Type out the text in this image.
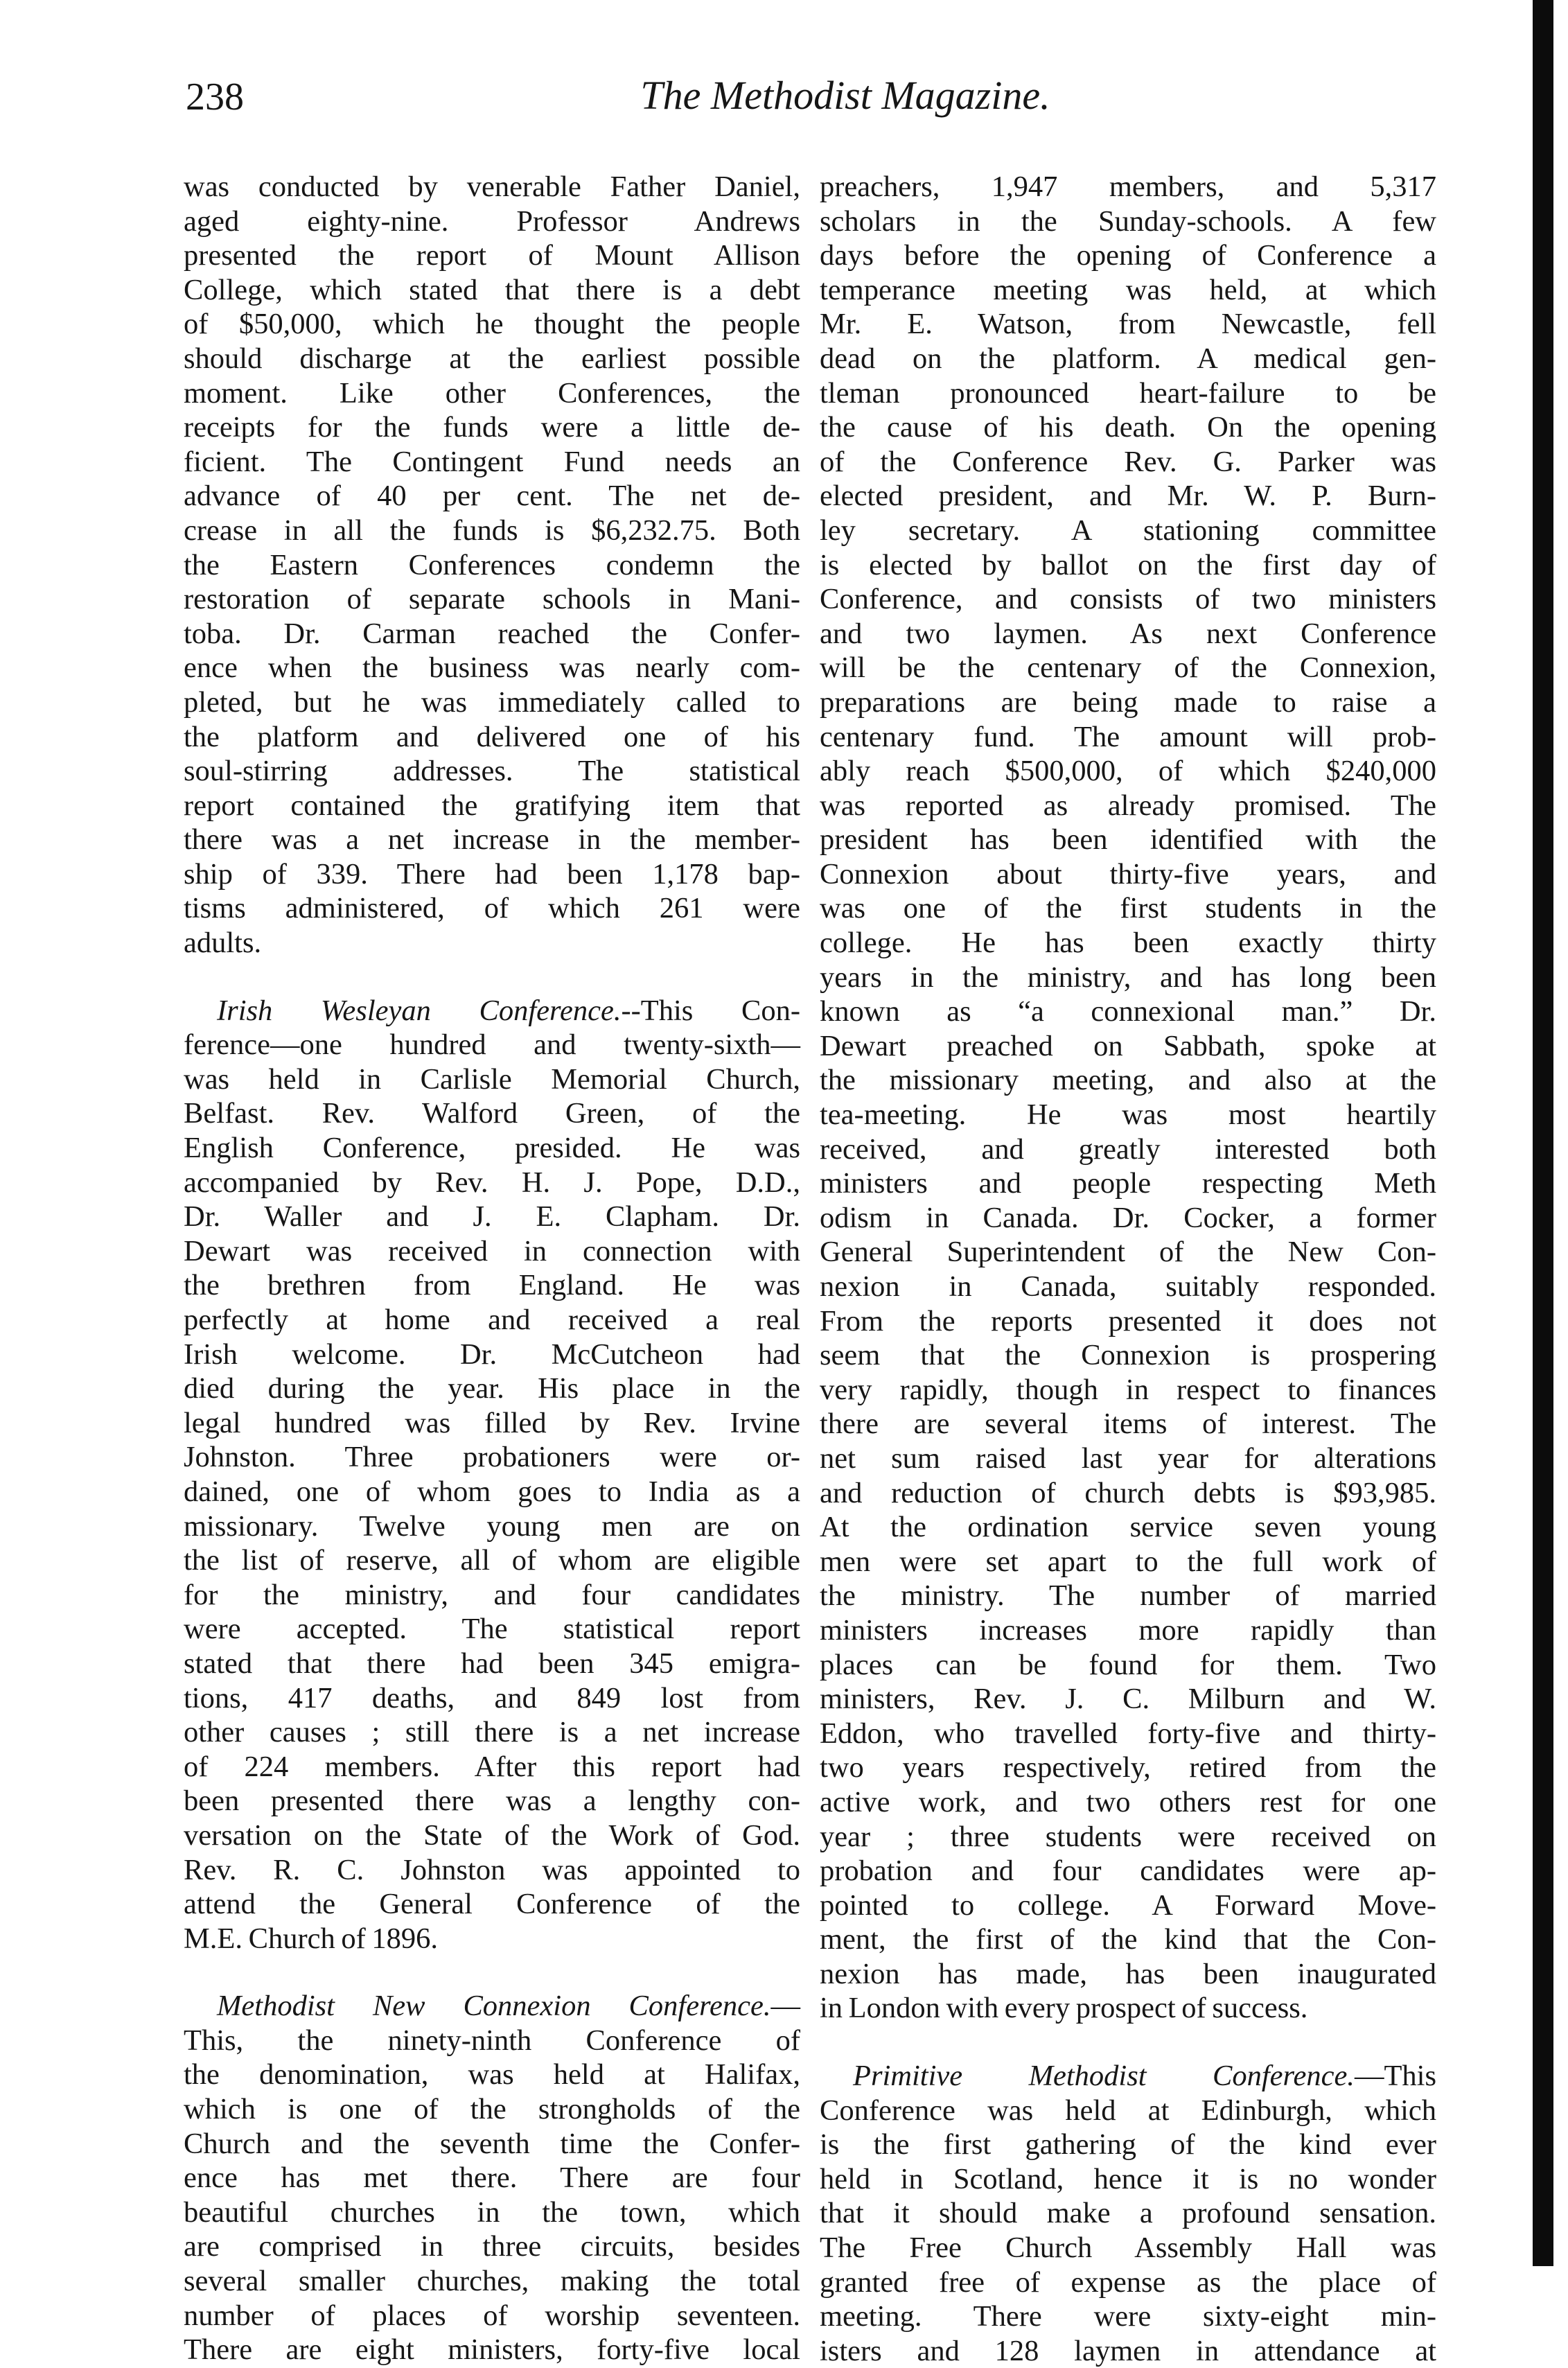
238	The Methodist Magazine.

was conducted by venerable Father Daniel,

aged eighty-nine. Professor Andrews

presented the report of Mount Allison

College, which stated that there is a debt

of $50,000, which he thought the people

should discharge at the earliest possible

moment. Like other Conferences, the

receipts for the funds were a little de-

ficient. The Contingent Fund needs an

advance of 40 per cent. The net de-

crease in all the funds is $6,232.75. Both

the Eastern Conferences condemn the

restoration of separate schools in Mani-

toba. Dr. Carman reached the Confer-

ence when the business was nearly com-

pleted, but he was immediately called to

the platform and delivered one of his

soul-stirring addresses. The statistical

report contained the gratifying item that

there was a net increase in the member-

ship of 339. There had been 1,178 bap-

tisms administered, of which 261 were

adults.

Irish Wesleyan Conference.--This Con-

ference—one hundred and twenty-sixth—

was held in Carlisle Memorial Church,

Belfast. Rev. Walford Green, of the

English Conference, presided. He was

accompanied by Rev. H. J. Pope, D.D.,

Dr. Waller and J. E. Clapham. Dr.

Dewart was received in connection with

the brethren from England. He was

perfectly at home and received a real

Irish welcome. Dr. McCutcheon had

died during the year. His place in the

legal hundred was filled by Rev. Irvine

Johnston. Three probationers were or-

dained, one of whom goes to India as a

missionary. Twelve young men are on

the list of reserve, all of whom are eligible

for the ministry, and four candidates

were accepted. The statistical report

stated that there had been 345 emigra-

tions, 417 deaths, and 849 lost from

other causes ; still there is a net increase

of 224 members. After this report had

been presented there was a lengthy con-

versation on the State of the Work of God.

Rev. R. C. Johnston was appointed to

attend the General Conference of the

M.E. Church of 1896.

Methodist New Connexion Conference.—

This, the ninety-ninth Conference of

the denomination, was held at Halifax,

which is one of the strongholds of the

Church and the seventh time the Confer-

ence has met there. There are four

beautiful churches in the town, which

are comprised in three circuits, besides

several smaller churches, making the total

number of places of worship seventeen.

There are eight ministers, forty-five local

preachers, 1,947 members, and 5,317

scholars in the Sunday-schools. A few

days before the opening of Conference a

temperance meeting was held, at which

Mr. E. Watson, from Newcastle, fell

dead on the platform. A medical gen-

tleman pronounced heart-failure to be

the cause of his death. On the opening

of the Conference Rev. G. Parker was

elected president, and Mr. W. P. Burn-

ley secretary. A stationing committee

is elected by ballot on the first day of

Conference, and consists of two ministers

and two laymen. As next Conference

will be the centenary of the Connexion,

preparations are being made to raise a

centenary fund. The amount will prob-

ably reach $500,000, of which $240,000

was reported as already promised. The

president has been identified with the

Connexion about thirty-five years, and

was one of the first students in the

college. He has been exactly thirty

years in the ministry, and has long been

known as “a connexional man.” Dr.

Dewart preached on Sabbath, spoke at

the missionary meeting, and also at the

tea-meeting. He was most heartily

received, and greatly interested both

ministers and people respecting Meth

odism in Canada. Dr. Cocker, a former

General Superintendent of the New Con-

nexion in Canada, suitably responded.

From the reports presented it does not

seem that the Connexion is prospering

very rapidly, though in respect to finances

there are several items of interest. The

net sum raised last year for alterations

and reduction of church debts is $93,985.

At the ordination service seven young

men were set apart to the full work of

the ministry. The number of married

ministers increases more rapidly than

places can be found for them. Two

ministers, Rev. J. C. Milburn and W.

Eddon, who travelled forty-five and thirty-

two years respectively, retired from the

active work, and two others rest for one

year ; three students were received on

probation and four candidates were ap-

pointed to college. A Forward Move-

ment, the first of the kind that the Con-

nexion has made, has been inaugurated

in London with every prospect of success.

Primitive Methodist Conference.—This

Conference was held at Edinburgh, which

is the first gathering of the kind ever

held in Scotland, hence it is no wonder

that it should make a profound sensation.

The Free Church Assembly Hall was

granted free of expense as the place of

meeting. There were sixty-eight min-

isters and 128 laymen in attendance at
